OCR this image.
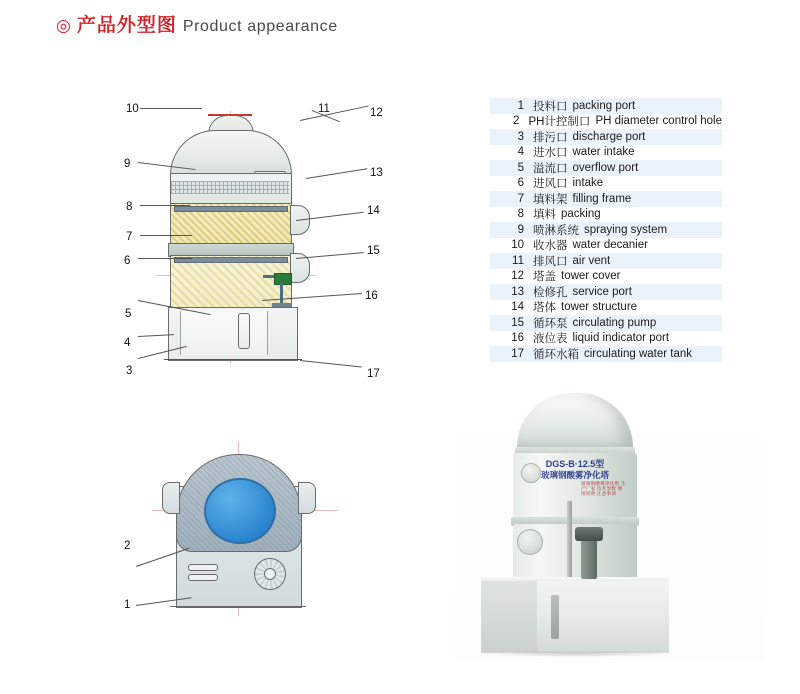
◎ 产品外型图 Product appearance
1 投料口 packing port
2 PH计控制口 PH diameter control hole
3 排污口 discharge port
4 进水口 water intake
5 溢流口 overflow port
6 进风口 intake
7 填料架 filling frame
8 填料 packing
9 喷淋系统 spraying system
10 收水器 water decanier
11 排风口 air vent
12 塔盖 tower cover
13 检修孔 service port
14 塔体 tower structure
15 循环泵 circulating pump
16 液位表 liquid indicator port
17 循环水箱 circulating water tank
10	11	12
9
13
8	14
7
15
6
5
16
4
3	17
2
1
DGS-B·12.5型
玻璃钢酸雾净化塔
玻璃钢酸雾净化塔 生产厂家 技术参数 使用说明 注意事项
